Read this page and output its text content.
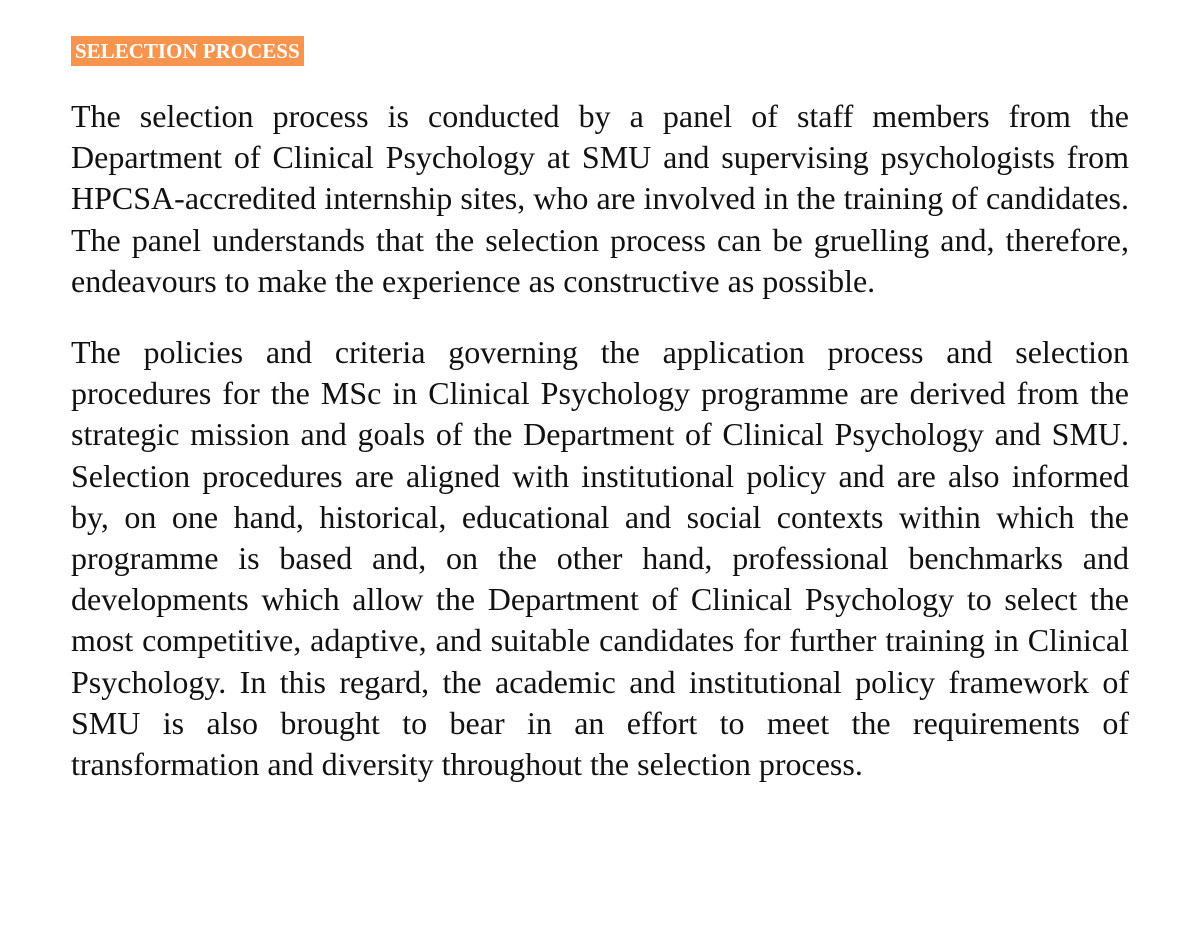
SELECTION PROCESS

The selection process is conducted by a panel of staff members from the Department of Clinical Psychology at SMU and supervising psychologists from HPCSA-accredited internship sites, who are involved in the training of candidates. The panel understands that the selection process can be gruelling and, therefore, endeavours to make the experience as constructive as possible.

The policies and criteria governing the application process and selection procedures for the MSc in Clinical Psychology programme are derived from the strategic mission and goals of the Department of Clinical Psychology and SMU. Selection procedures are aligned with institutional policy and are also informed by, on one hand, historical, educational and social contexts within which the programme is based and, on the other hand, professional benchmarks and developments which allow the Department of Clinical Psychology to select the most competitive, adaptive, and suitable candidates for further training in Clinical Psychology. In this regard, the academic and institutional policy framework of SMU is also brought to bear in an effort to meet the requirements of transformation and diversity throughout the selection process.
